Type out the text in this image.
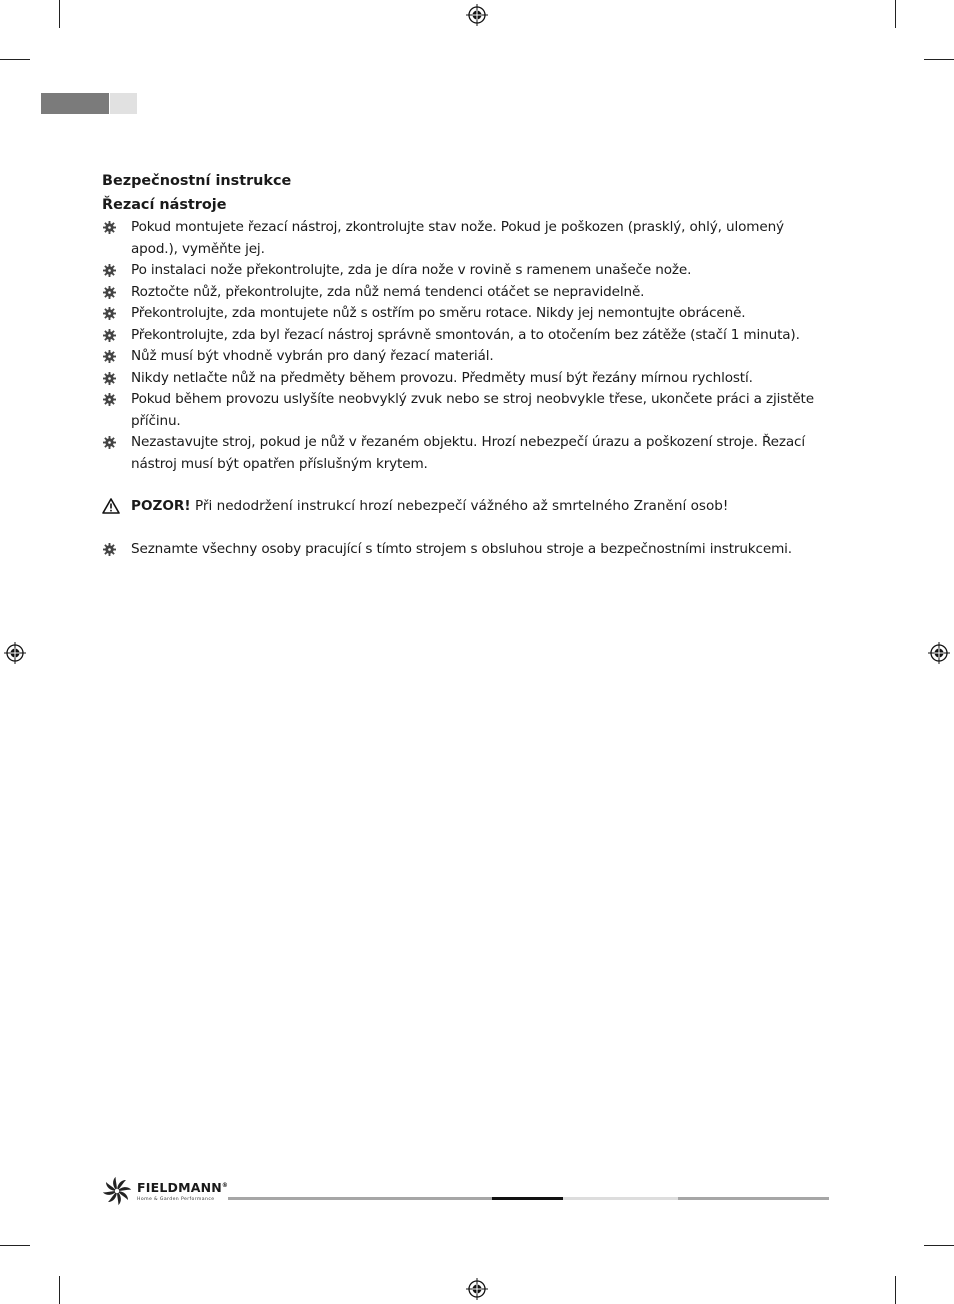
Bezpečnostní instrukce
Řezací nástroje
Pokud montujete řezací nástroj, zkontrolujte stav nože. Pokud je poškozen (prasklý, ohlý, ulomený apod.), vyměňte jej.
Po instalaci nože překontrolujte, zda je díra nože v rovině s ramenem unašeče nože.
Roztočte nůž, překontrolujte, zda nůž nemá tendenci otáčet se nepravidelně.
Překontrolujte, zda montujete nůž s ostřím po směru rotace. Nikdy jej nemontujte obráceně.
Překontrolujte, zda byl řezací nástroj správně smontován, a to otočením bez zátěže (stačí 1 minuta).
Nůž musí být vhodně vybrán pro daný řezací materiál.
Nikdy netlačte nůž na předměty během provozu. Předměty musí být řezány mírnou rychlostí.
Pokud během provozu uslyšíte neobvyklý zvuk nebo se stroj neobvykle třese, ukončete práci a zjistěte příčinu.
Nezastavujte stroj, pokud je nůž v řezaném objektu. Hrozí nebezpečí úrazu a poškození stroje. Řezací nástroj musí být opatřen příslušným krytem.
POZOR! Při nedodržení instrukcí hrozí nebezpečí vážného až smrtelného Zranění osob!
Seznamte všechny osoby pracující s tímto strojem s obsluhou stroje a bezpečnostními instrukcemi.
FIELDMANN®
Home & Garden Performance
